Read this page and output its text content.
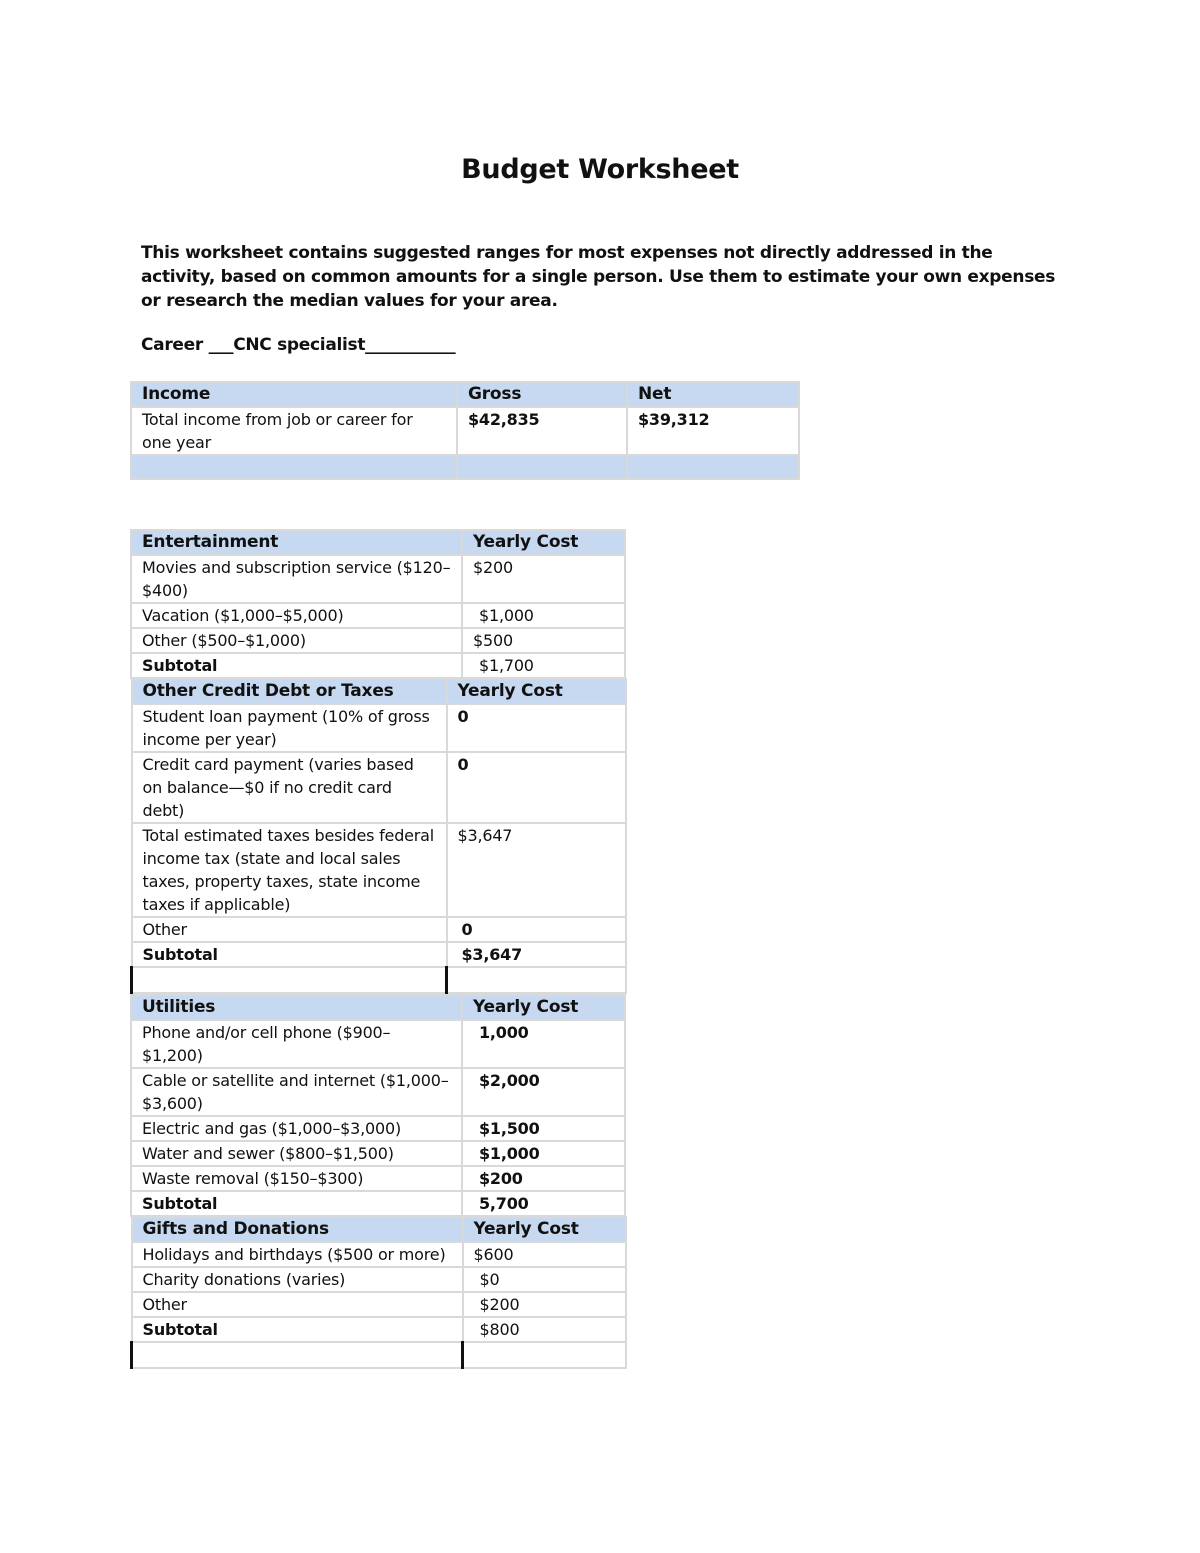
Budget Worksheet

This worksheet contains suggested ranges for most expenses not directly addressed in the activity, based on common amounts for a single person. Use them to estimate your own expenses or research the median values for your area.

Career ___CNC specialist___________

Income	Gross	Net
Total income from job or career for one year	$42,835	$39,312

Entertainment	Yearly Cost
Movies and subscription service ($120–$400)	$200
Vacation ($1,000–$5,000)	$1,000
Other ($500–$1,000)	$500
Subtotal	$1,700
Other Credit Debt or Taxes	Yearly Cost
Student loan payment (10% of gross income per year)	0
Credit card payment (varies based on balance—$0 if no credit card debt)	0
Total estimated taxes besides federal income tax (state and local sales taxes, property taxes, state income taxes if applicable)	$3,647
Other	0
Subtotal	$3,647

Utilities	Yearly Cost
Phone and/or cell phone ($900–$1,200)	1,000
Cable or satellite and internet ($1,000–$3,600)	$2,000
Electric and gas ($1,000–$3,000)	$1,500
Water and sewer ($800–$1,500)	$1,000
Waste removal ($150–$300)	$200
Subtotal	5,700
Gifts and Donations	Yearly Cost
Holidays and birthdays ($500 or more)	$600
Charity donations (varies)	$0
Other	$200
Subtotal	$800
